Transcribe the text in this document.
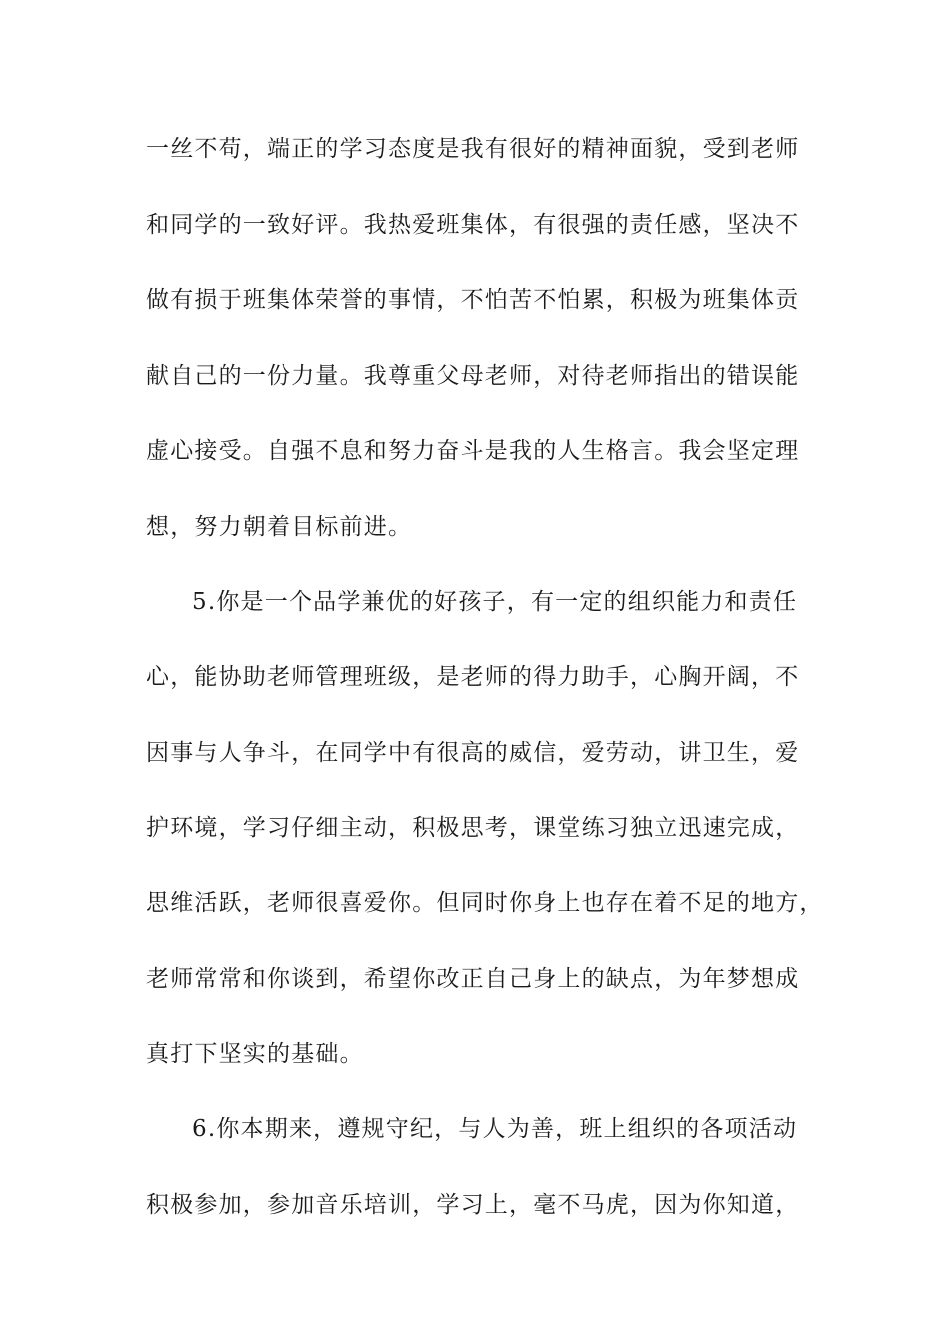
一丝不苟，端正的学习态度是我有很好的精神面貌，受到老师
和同学的一致好评。我热爱班集体，有很强的责任感，坚决不
做有损于班集体荣誉的事情，不怕苦不怕累，积极为班集体贡
献自己的一份力量。我尊重父母老师，对待老师指出的错误能
虚心接受。自强不息和努力奋斗是我的人生格言。我会坚定理
想，努力朝着目标前进。
5.你是一个品学兼优的好孩子，有一定的组织能力和责任
心，能协助老师管理班级，是老师的得力助手，心胸开阔，不
因事与人争斗，在同学中有很高的威信，爱劳动，讲卫生，爱
护环境，学习仔细主动，积极思考，课堂练习独立迅速完成，
思维活跃，老师很喜爱你。但同时你身上也存在着不足的地方，
老师常常和你谈到，希望你改正自己身上的缺点，为年梦想成
真打下坚实的基础。
6.你本期来，遵规守纪，与人为善，班上组织的各项活动
积极参加，参加音乐培训，学习上，毫不马虎，因为你知道，
